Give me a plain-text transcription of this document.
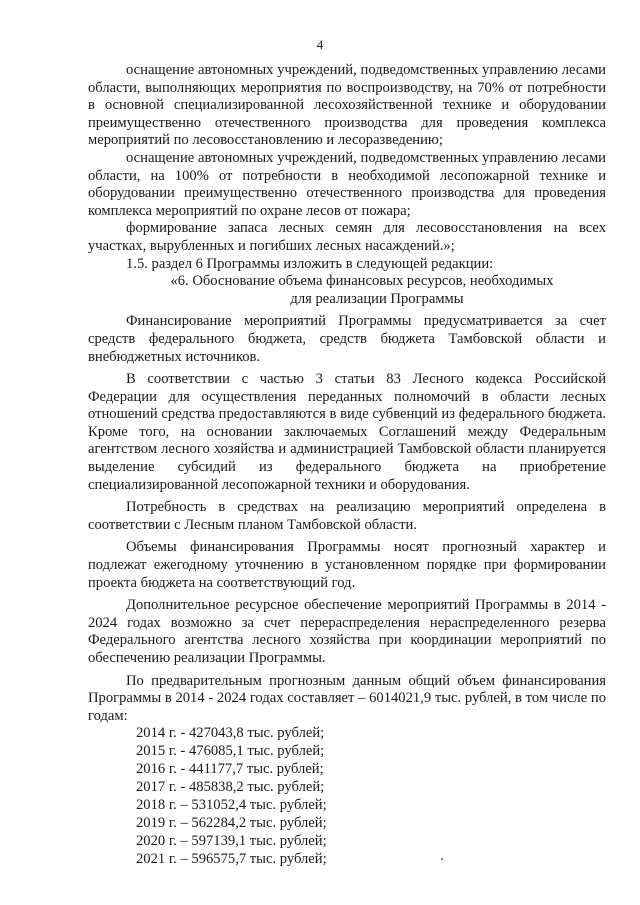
4

оснащение автономных учреждений, подведомственных управлению лесами области, выполняющих мероприятия по воспроизводству, на 70% от потребности в основной специализированной лесохозяйственной технике и оборудовании преимущественно отечественного производства для проведения комплекса мероприятий по лесовосстановлению и лесоразведению;

оснащение автономных учреждений, подведомственных управлению лесами области, на 100% от потребности в необходимой лесопожарной технике и оборудовании преимущественно отечественного производства для проведения комплекса мероприятий по охране лесов от пожара;

формирование запаса лесных семян для лесовосстановления на всех участках, вырубленных и погибших лесных насаждений.»;

1.5. раздел 6 Программы изложить в следующей редакции:

«6. Обоснование объема финансовых ресурсов, необходимых
для реализации Программы

Финансирование мероприятий Программы предусматривается за счет средств федерального бюджета, средств бюджета Тамбовской области и внебюджетных источников.

В соответствии с частью 3 статьи 83 Лесного кодекса Российской Федерации для осуществления переданных полномочий в области лесных отношений средства предоставляются в виде субвенций из федерального бюджета. Кроме того, на основании заключаемых Соглашений между Федеральным агентством лесного хозяйства и администрацией Тамбовской области планируется выделение субсидий из федерального бюджета на приобретение специализированной лесопожарной техники и оборудования.

Потребность в средствах на реализацию мероприятий определена в соответствии с Лесным планом Тамбовской области.

Объемы финансирования Программы носят прогнозный характер и подлежат ежегодному уточнению в установленном порядке при формировании проекта бюджета на соответствующий год.

Дополнительное ресурсное обеспечение мероприятий Программы в 2014 - 2024 годах возможно за счет перераспределения нераспределенного резерва Федерального агентства лесного хозяйства при координации мероприятий по обеспечению реализации Программы.

По предварительным прогнозным данным общий объем финансирования Программы в 2014 - 2024 годах составляет – 6014021,9 тыс. рублей, в том числе по годам:

2014 г. - 427043,8 тыс. рублей;
2015 г. - 476085,1 тыс. рублей;
2016 г. - 441177,7 тыс. рублей;
2017 г. - 485838,2 тыс. рублей;
2018 г. – 531052,4 тыс. рублей;
2019 г. – 562284,2 тыс. рублей;
2020 г. – 597139,1 тыс. рублей;
2021 г. – 596575,7 тыс. рублей;
